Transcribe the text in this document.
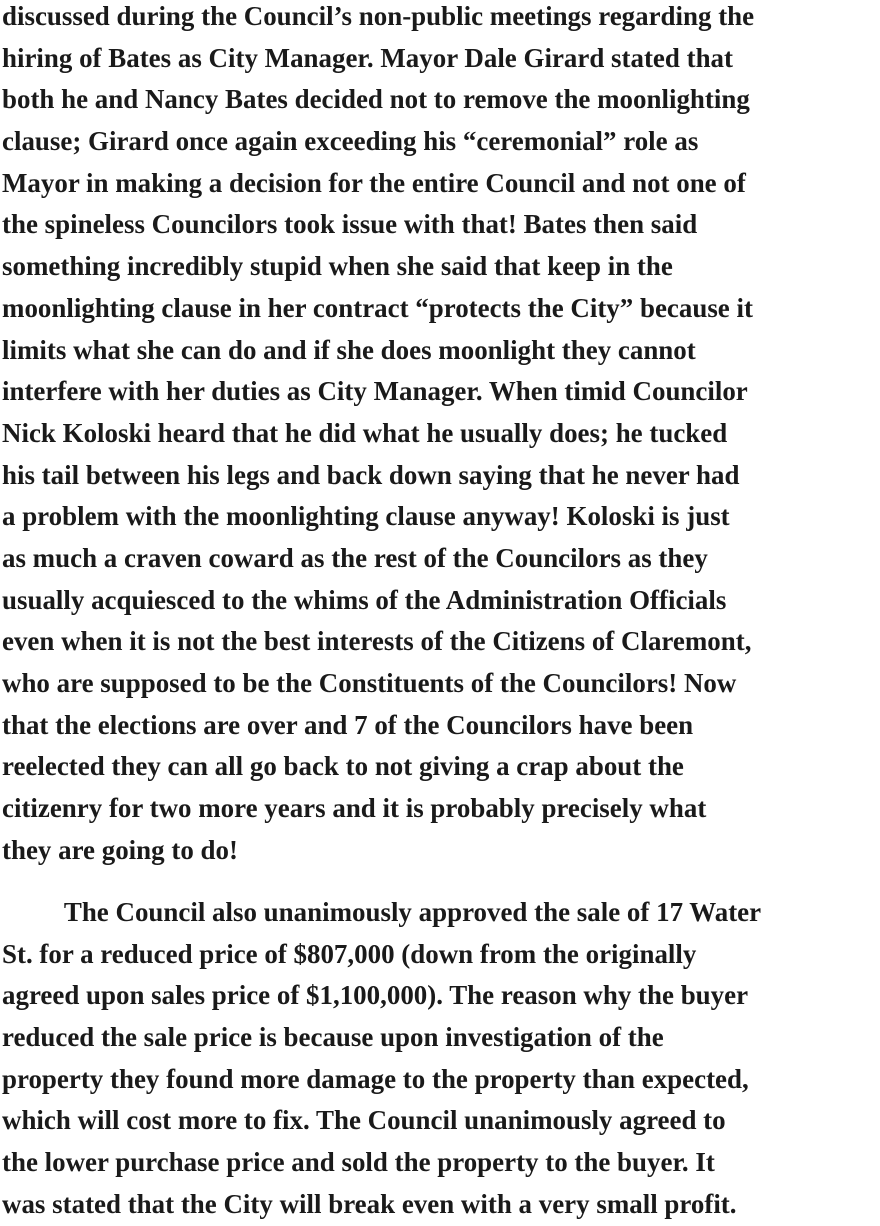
discussed during the Council’s non-public meetings regarding the
hiring of Bates as City Manager. Mayor Dale Girard stated that
both he and Nancy Bates decided not to remove the moonlighting
clause; Girard once again exceeding his “ceremonial” role as
Mayor in making a decision for the entire Council and not one of
the spineless Councilors took issue with that! Bates then said
something incredibly stupid when she said that keep in the
moonlighting clause in her contract “protects the City” because it
limits what she can do and if she does moonlight they cannot
interfere with her duties as City Manager. When timid Councilor
Nick Koloski heard that he did what he usually does; he tucked
his tail between his legs and back down saying that he never had
a problem with the moonlighting clause anyway! Koloski is just
as much a craven coward as the rest of the Councilors as they
usually acquiesced to the whims of the Administration Officials
even when it is not the best interests of the Citizens of Claremont,
who are supposed to be the Constituents of the Councilors! Now
that the elections are over and 7 of the Councilors have been
reelected they can all go back to not giving a crap about the
citizenry for two more years and it is probably precisely what
they are going to do!
The Council also unanimously approved the sale of 17 Water
St. for a reduced price of $807,000 (down from the originally
agreed upon sales price of $1,100,000). The reason why the buyer
reduced the sale price is because upon investigation of the
property they found more damage to the property than expected,
which will cost more to fix. The Council unanimously agreed to
the lower purchase price and sold the property to the buyer. It
was stated that the City will break even with a very small profit.
